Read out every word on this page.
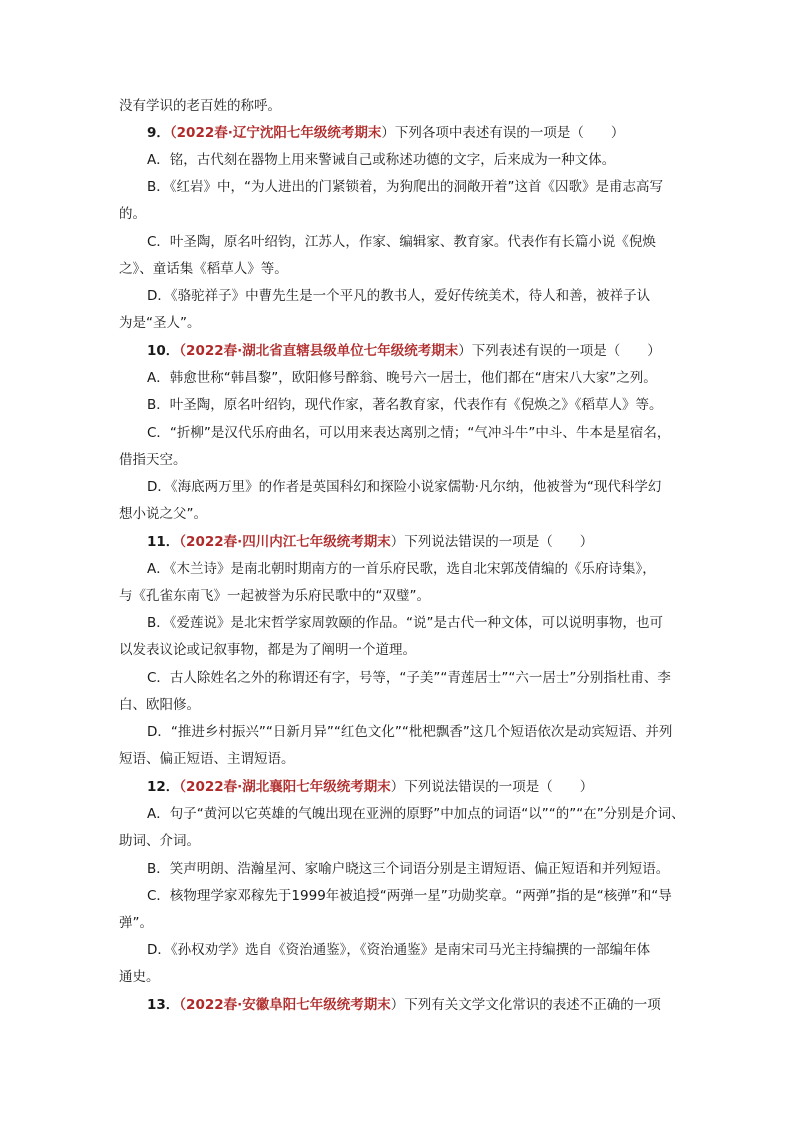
没有学识的老百姓的称呼。
9．（2022春·辽宁沈阳七年级统考期末）下列各项中表述有误的一项是（　　）
A．铭，古代刻在器物上用来警诫自己或称述功德的文字，后来成为一种文体。
B．《红岩》中，“为人进出的门紧锁着，为狗爬出的洞敞开着”这首《囚歌》是甫志高写
的。
C．叶圣陶，原名叶绍钧，江苏人，作家、编辑家、教育家。代表作有长篇小说《倪焕
之》、童话集《稻草人》等。
D．《骆驼祥子》中曹先生是一个平凡的教书人，爱好传统美术，待人和善，被祥子认
为是“圣人”。
10．（2022春·湖北省直辖县级单位七年级统考期末）下列表述有误的一项是（　　）
A．韩愈世称“韩昌黎”，欧阳修号醉翁、晚号六一居士，他们都在“唐宋八大家”之列。
B．叶圣陶，原名叶绍钧，现代作家，著名教育家，代表作有《倪焕之》《稻草人》等。
C．“折柳”是汉代乐府曲名，可以用来表达离别之情；“气冲斗牛”中斗、牛本是星宿名，
借指天空。
D．《海底两万里》的作者是英国科幻和探险小说家儒勒·凡尔纳，他被誉为“现代科学幻
想小说之父”。
11．（2022春·四川内江七年级统考期末）下列说法错误的一项是（　　）
A．《木兰诗》是南北朝时期南方的一首乐府民歌，选自北宋郭茂倩编的《乐府诗集》，
与《孔雀东南飞》一起被誉为乐府民歌中的“双璧”。
B．《爱莲说》是北宋哲学家周敦颐的作品。“说”是古代一种文体，可以说明事物，也可
以发表议论或记叙事物，都是为了阐明一个道理。
C．古人除姓名之外的称谓还有字，号等，“子美”“青莲居士”“六一居士”分别指杜甫、李
白、欧阳修。
D．“推进乡村振兴”“日新月异”“红色文化”“枇杷飘香”这几个短语依次是动宾短语、并列
短语、偏正短语、主谓短语。
12．（2022春·湖北襄阳七年级统考期末）下列说法错误的一项是（　　）
A．句子“黄河以它英雄的气魄出现在亚洲的原野”中加点的词语“以”“的”“在”分别是介词、
助词、介词。
B．笑声明朗、浩瀚星河、家喻户晓这三个词语分别是主谓短语、偏正短语和并列短语。
C．核物理学家邓稼先于1999年被追授“两弹一星”功勋奖章。“两弹”指的是“核弹”和“导
弹”。
D．《孙权劝学》选自《资治通鉴》，《资治通鉴》是南宋司马光主持编撰的一部编年体
通史。
13．（2022春·安徽阜阳七年级统考期末）下列有关文学文化常识的表述不正确的一项
